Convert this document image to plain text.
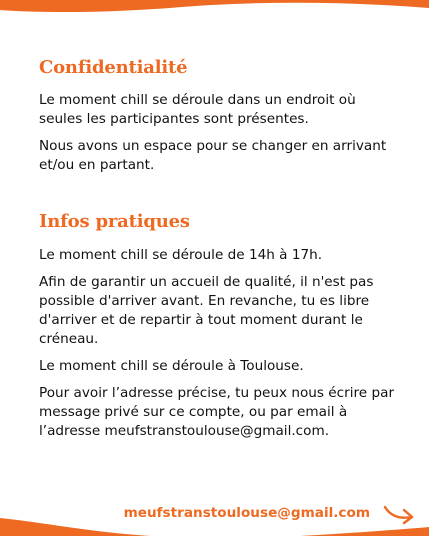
Confidentialité

Le moment chill se déroule dans un endroit où seules les participantes sont présentes.

Nous avons un espace pour se changer en arrivant et/ou en partant.

Infos pratiques

Le moment chill se déroule de 14h à 17h.

Afin de garantir un accueil de qualité, il n'est pas possible d'arriver avant. En revanche, tu es libre d'arriver et de repartir à tout moment durant le créneau.

Le moment chill se déroule à Toulouse.

Pour avoir l’adresse précise, tu peux nous écrire par message privé sur ce compte, ou par email à l’adresse meufstranstoulouse@gmail.com.

meufstranstoulouse@gmail.com
